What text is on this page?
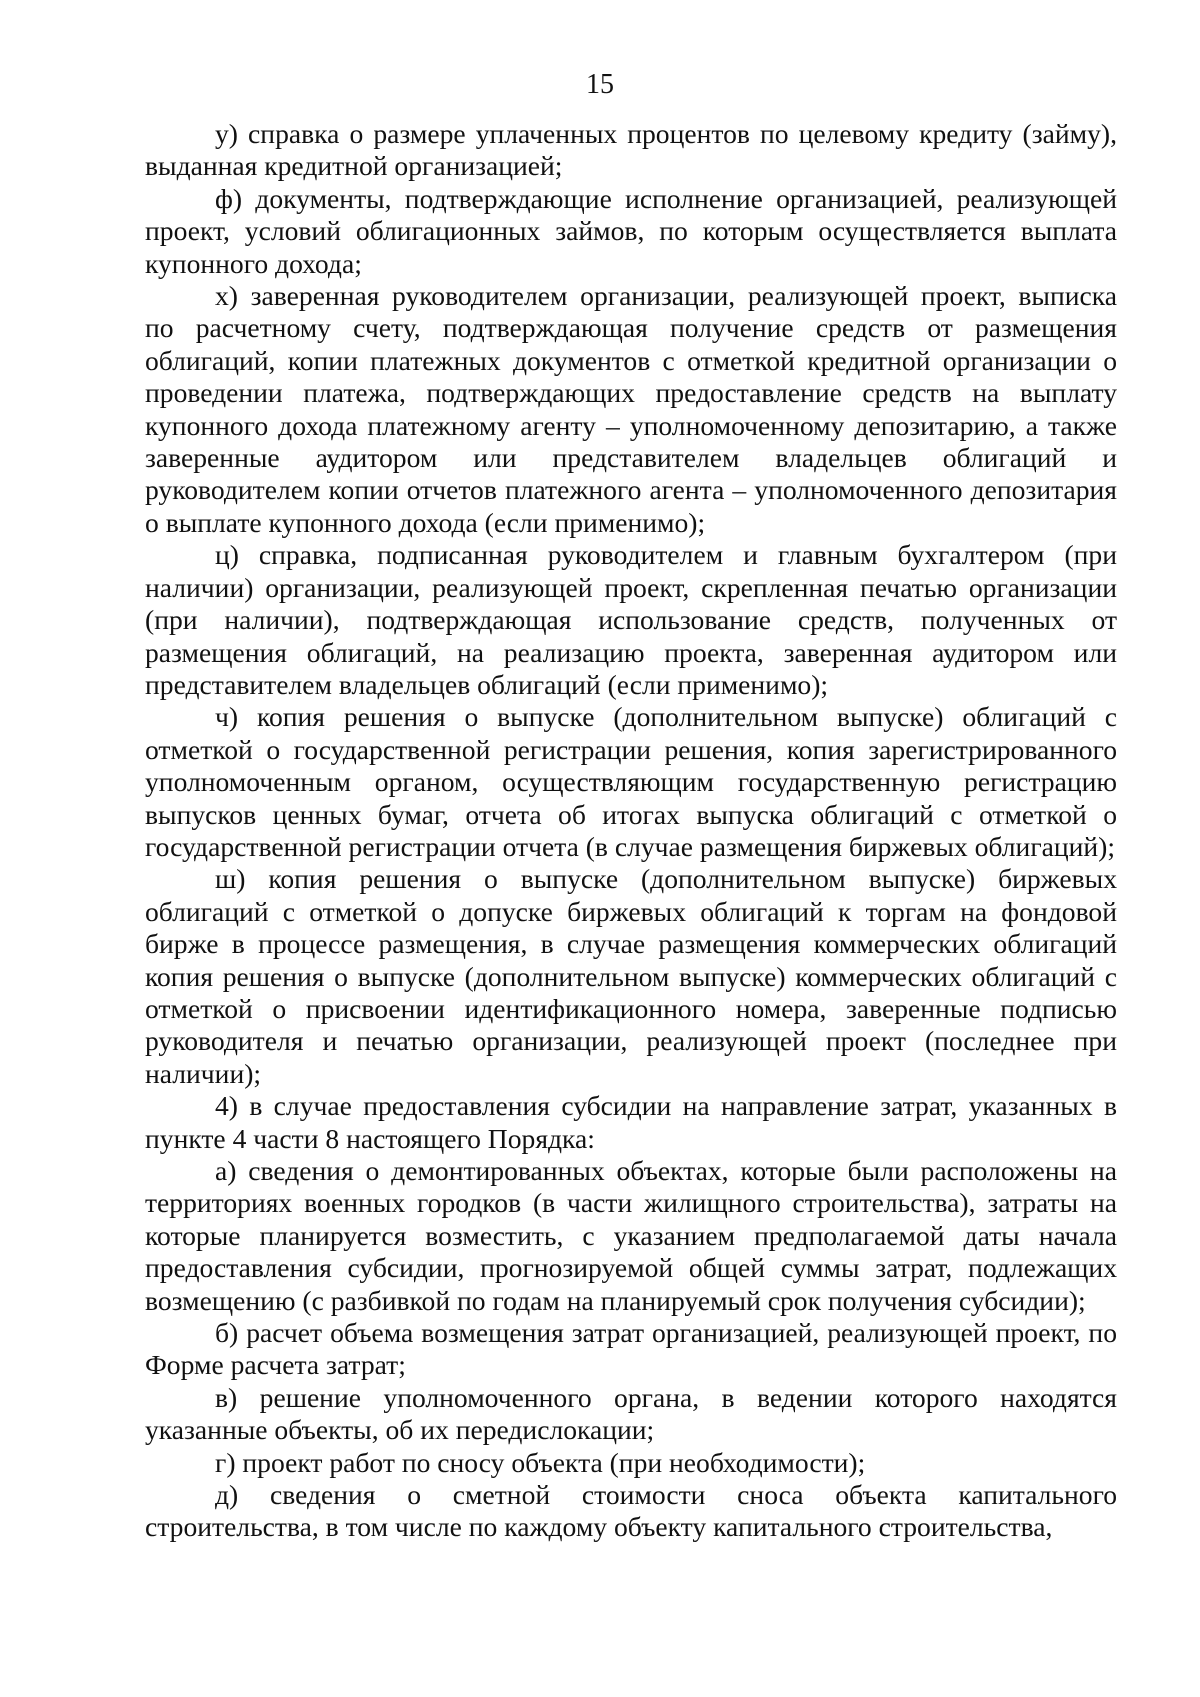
15

у) справка о размере уплаченных процентов по целевому кредиту (займу), выданная кредитной организацией;

ф) документы, подтверждающие исполнение организацией, реализующей проект, условий облигационных займов, по которым осуществляется выплата купонного дохода;

х) заверенная руководителем организации, реализующей проект, выписка по расчетному счету, подтверждающая получение средств от размещения облигаций, копии платежных документов с отметкой кредитной организации о проведении платежа, подтверждающих предоставление средств на выплату купонного дохода платежному агенту – уполномоченному депозитарию, а также заверенные аудитором или представителем владельцев облигаций и руководителем копии отчетов платежного агента – уполномоченного депозитария о выплате купонного дохода (если применимо);

ц) справка, подписанная руководителем и главным бухгалтером (при наличии) организации, реализующей проект, скрепленная печатью организации (при наличии), подтверждающая использование средств, полученных от размещения облигаций, на реализацию проекта, заверенная аудитором или представителем владельцев облигаций (если применимо);

ч) копия решения о выпуске (дополнительном выпуске) облигаций с отметкой о государственной регистрации решения, копия зарегистрированного уполномоченным органом, осуществляющим государственную регистрацию выпусков ценных бумаг, отчета об итогах выпуска облигаций с отметкой о государственной регистрации отчета (в случае размещения биржевых облигаций);

ш) копия решения о выпуске (дополнительном выпуске) биржевых облигаций с отметкой о допуске биржевых облигаций к торгам на фондовой бирже в процессе размещения, в случае размещения коммерческих облигаций копия решения о выпуске (дополнительном выпуске) коммерческих облигаций с отметкой о присвоении идентификационного номера, заверенные подписью руководителя и печатью организации, реализующей проект (последнее при наличии);

4) в случае предоставления субсидии на направление затрат, указанных в пункте 4 части 8 настоящего Порядка:

а) сведения о демонтированных объектах, которые были расположены на территориях военных городков (в части жилищного строительства), затраты на которые планируется возместить, с указанием предполагаемой даты начала предоставления субсидии, прогнозируемой общей суммы затрат, подлежащих возмещению (с разбивкой по годам на планируемый срок получения субсидии);

б) расчет объема возмещения затрат организацией, реализующей проект, по Форме расчета затрат;

в) решение уполномоченного органа, в ведении которого находятся указанные объекты, об их передислокации;

г) проект работ по сносу объекта (при необходимости);

д) сведения о сметной стоимости сноса объекта капитального строительства, в том числе по каждому объекту капитального строительства,
